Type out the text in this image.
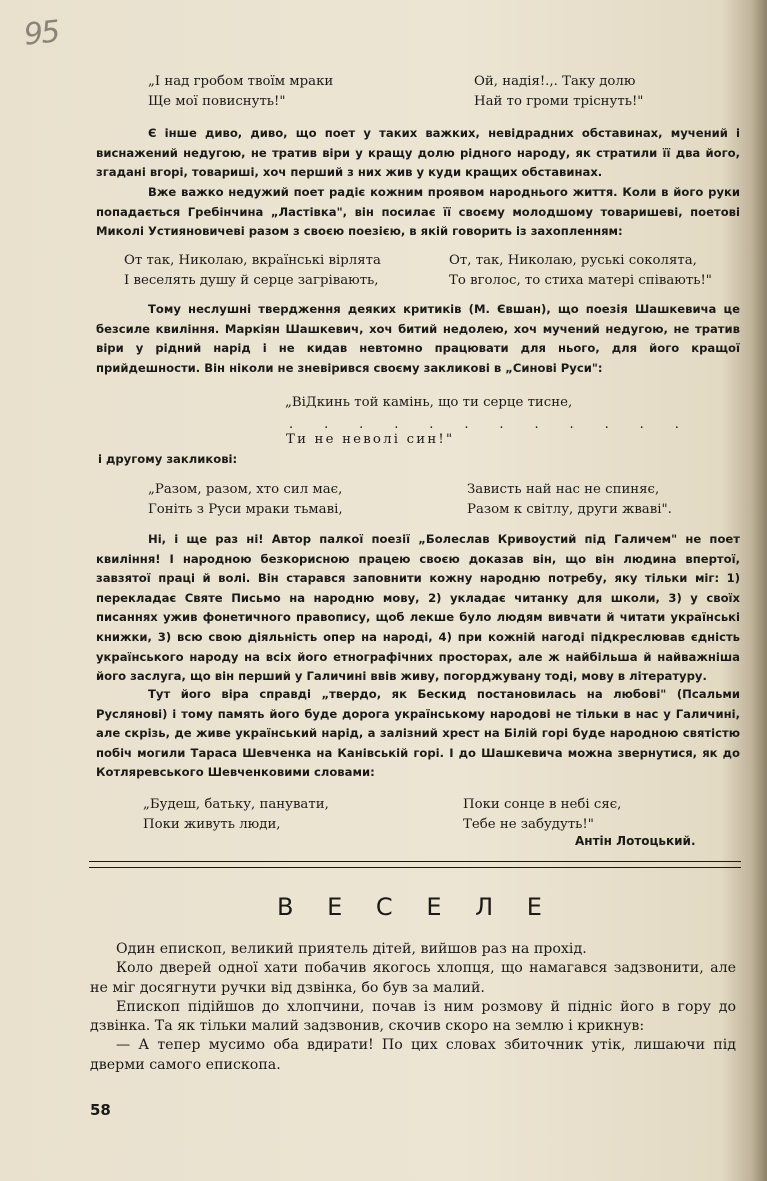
95
„І над гробом твоїм мраки
Ще мої повиснуть!"
Ой, надія!.,. Таку долю
Най то громи тріснуть!"

Є інше диво, диво, що поет у таких важких, невідрадних обставинах, мучений і виснажений недугою, не тратив віри у кращу долю рідного народу, як стратили її два його, згадані вгорі, товариші, хоч перший з них жив у куди кращих обставинах.

Вже важко недужий поет радіє кожним проявом народнього життя. Коли в його руки попадається Гребінчина „Ластівка", він посилає її своєму молодшому товаришеві, поетові Миколі Устияновичеві разом з своєю поезією, в якій говорить із захопленням:

От так, Николаю, вкраїнські вірлята
І веселять душу й серце загрівають,
От, так, Николаю, руські соколята,
То вголос, то стиха матері співають!"

Тому неслушні твердження деяких критиків (М. Євшан), що поезія Шашкевича це безсиле квиління. Маркіян Шашкевич, хоч битий недолею, хоч мучений недугою, не тратив віри у рідний нарід і не кидав невтомно працювати для нього, для його кращої прийдешности. Він ніколи не зневірився своєму закликові в „Синові Руси":

„ВіДкинь той камінь, що ти серце тисне,
. . . . . . . . . . . .
Ти не неволі син!"
і другому закликові:
„Разом, разом, хто сил має,
Гоніть з Руси мраки тьмаві,
Зависть най нас не спиняє,
Разом к світлу, други жваві".

Ні, і ще раз ні! Автор палкої поезії „Болеслав Кривоустий під Галичем" не поет квиління! І народною безкорисною працею своєю доказав він, що він людина впертої, завзятої праці й волі. Він старався заповнити кожну народню потребу, яку тільки міг: 1) перекладає Святе Письмо на народню мову, 2) укладає читанку для школи, 3) у своїх писаннях ужив фонетичного правопису, щоб лекше було людям вивчати й читати українські книжки, 3) всю свою діяльність опер на народі, 4) при кожній нагоді підкреслював єдність українського народу на всіх його етнографічних просторах, але ж найбільша й найважніша його заслуга, що він перший у Галичині ввів живу, погорджувану тоді, мову в літературу.

Тут його віра справді „твердо, як Бескид постановилась на любові" (Псальми Руслянові) і тому память його буде дорога українському народові не тільки в нас у Галичині, але скрізь, де живе український нарід, а залізний хрест на Білій горі буде народною святістю побіч могили Тараса Шевченка на Канівській горі. І до Шашкевича можна звернутися, як до Котляревського Шевченковими словами:

„Будеш, батьку, панувати,
Поки живуть люди,
Поки сонце в небі сяє,
Тебе не забудуть!"
Антін Лотоцький.
В Е С Е Л Е

Один епископ, великий приятель дітей, вийшов раз на прохід.

Коло дверей одної хати побачив якогось хлопця, що намагався задзвонити, але не міг досягнути ручки від дзвінка, бо був за малий.

Епископ підійшов до хлопчини, почав із ним розмову й підніс його в гору до дзвінка. Та як тільки малий задзвонив, скочив скоро на землю і крикнув:

— А тепер мусимо оба вдирати! По цих словах збиточник утік, лишаючи під дверми самого епископа.

58
